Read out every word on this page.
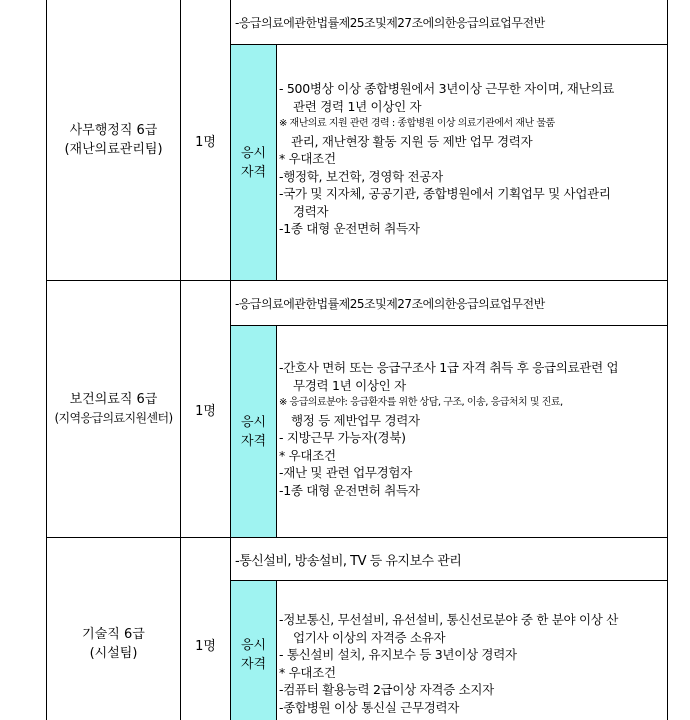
사무행정직 6급
(재난의료관리팀)	1명
-응급의료에관한법률제25조및제27조에의한응급의료업무전반
응시
자격
- 500병상 이상 종합병원에서 3년이상 근무한 자이며, 재난의료
관련 경력 1년 이상인 자
※ 재난의료 지원 관련 경력 : 종합병원 이상 의료기관에서 재난 물품
관리, 재난현장 활동 지원 등 제반 업무 경력자
* 우대조건
-행정학, 보건학, 경영학 전공자
-국가 및 지자체, 공공기관, 종합병원에서 기획업무 및 사업관리
경력자
-1종 대형 운전면허 취득자
보건의료직 6급
(지역응급의료지원센터) 1명
-응급의료에관한법률제25조및제27조에의한응급의료업무전반
응시
자격
-간호사 면허 또는 응급구조사 1급 자격 취득 후 응급의료관련 업
무경력 1년 이상인 자
※ 응급의료분야: 응급환자를 위한 상담, 구조, 이송, 응급처치 및 진료,
행정 등 제반업무 경력자
- 지방근무 가능자(경북)
* 우대조건
-재난 및 관련 업무경험자
-1종 대형 운전면허 취득자
기술직 6급
(시설팀)	1명
-통신설비, 방송설비, TV 등 유지보수 관리
응시
자격
-정보통신, 무선설비, 유선설비, 통신선로분야 중 한 분야 이상 산
업기사 이상의 자격증 소유자
- 통신설비 설치, 유지보수 등 3년이상 경력자
* 우대조건
-컴퓨터 활용능력 2급이상 자격증 소지자
-종합병원 이상 통신실 근무경력자
